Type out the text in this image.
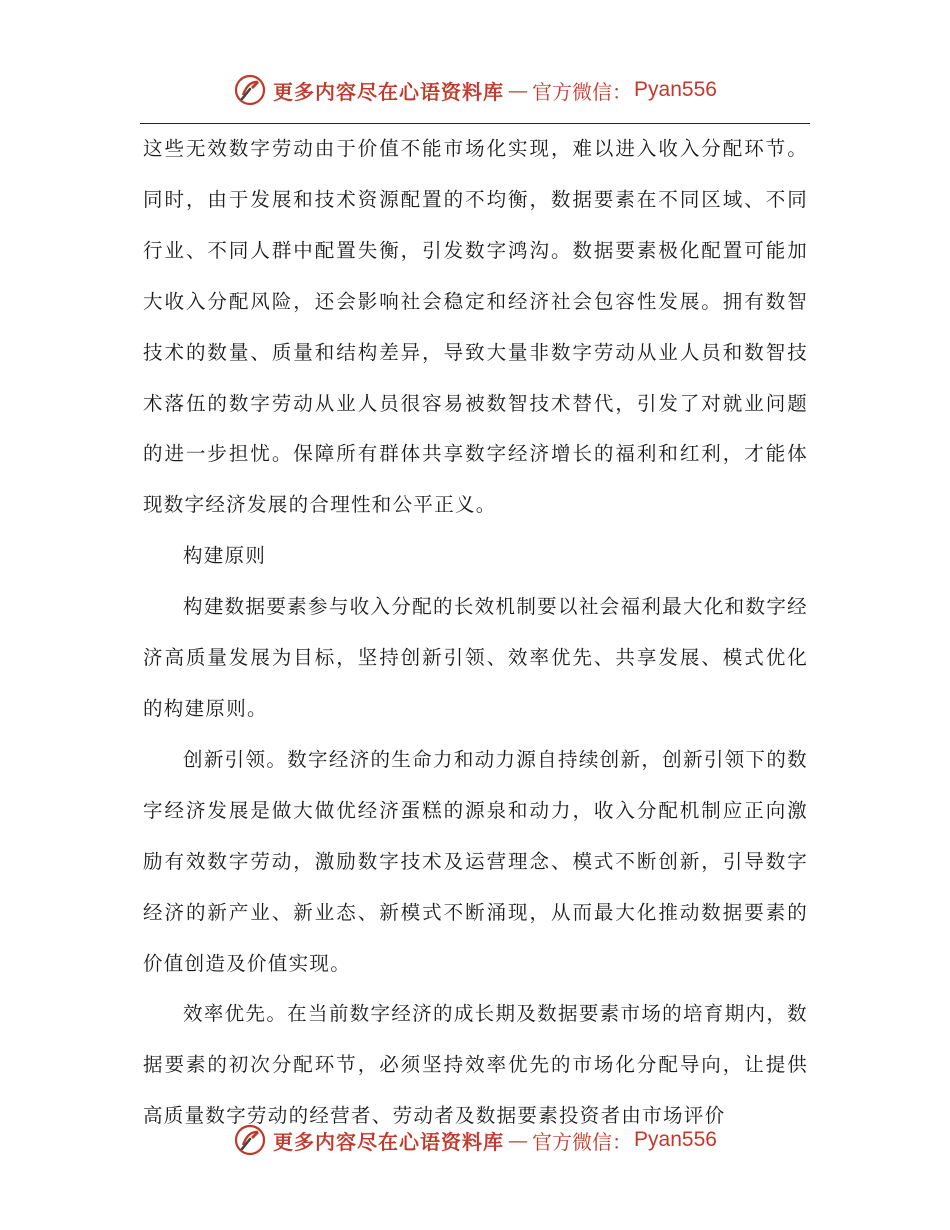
更多内容尽在心语资料库 — 官方微信： Pyan556

这些无效数字劳动由于价值不能市场化实现，难以进入收入分配环节。同时，由于发展和技术资源配置的不均衡，数据要素在不同区域、不同行业、不同人群中配置失衡，引发数字鸿沟。数据要素极化配置可能加大收入分配风险，还会影响社会稳定和经济社会包容性发展。拥有数智技术的数量、质量和结构差异，导致大量非数字劳动从业人员和数智技术落伍的数字劳动从业人员很容易被数智技术替代，引发了对就业问题的进一步担忧。保障所有群体共享数字经济增长的福利和红利，才能体现数字经济发展的合理性和公平正义。

构建原则

构建数据要素参与收入分配的长效机制要以社会福利最大化和数字经济高质量发展为目标，坚持创新引领、效率优先、共享发展、模式优化的构建原则。

创新引领。数字经济的生命力和动力源自持续创新，创新引领下的数字经济发展是做大做优经济蛋糕的源泉和动力，收入分配机制应正向激励有效数字劳动，激励数字技术及运营理念、模式不断创新，引导数字经济的新产业、新业态、新模式不断涌现，从而最大化推动数据要素的价值创造及价值实现。

效率优先。在当前数字经济的成长期及数据要素市场的培育期内，数据要素的初次分配环节，必须坚持效率优先的市场化分配导向，让提供高质量数字劳动的经营者、劳动者及数据要素投资者由市场评价

更多内容尽在心语资料库 — 官方微信： Pyan556
